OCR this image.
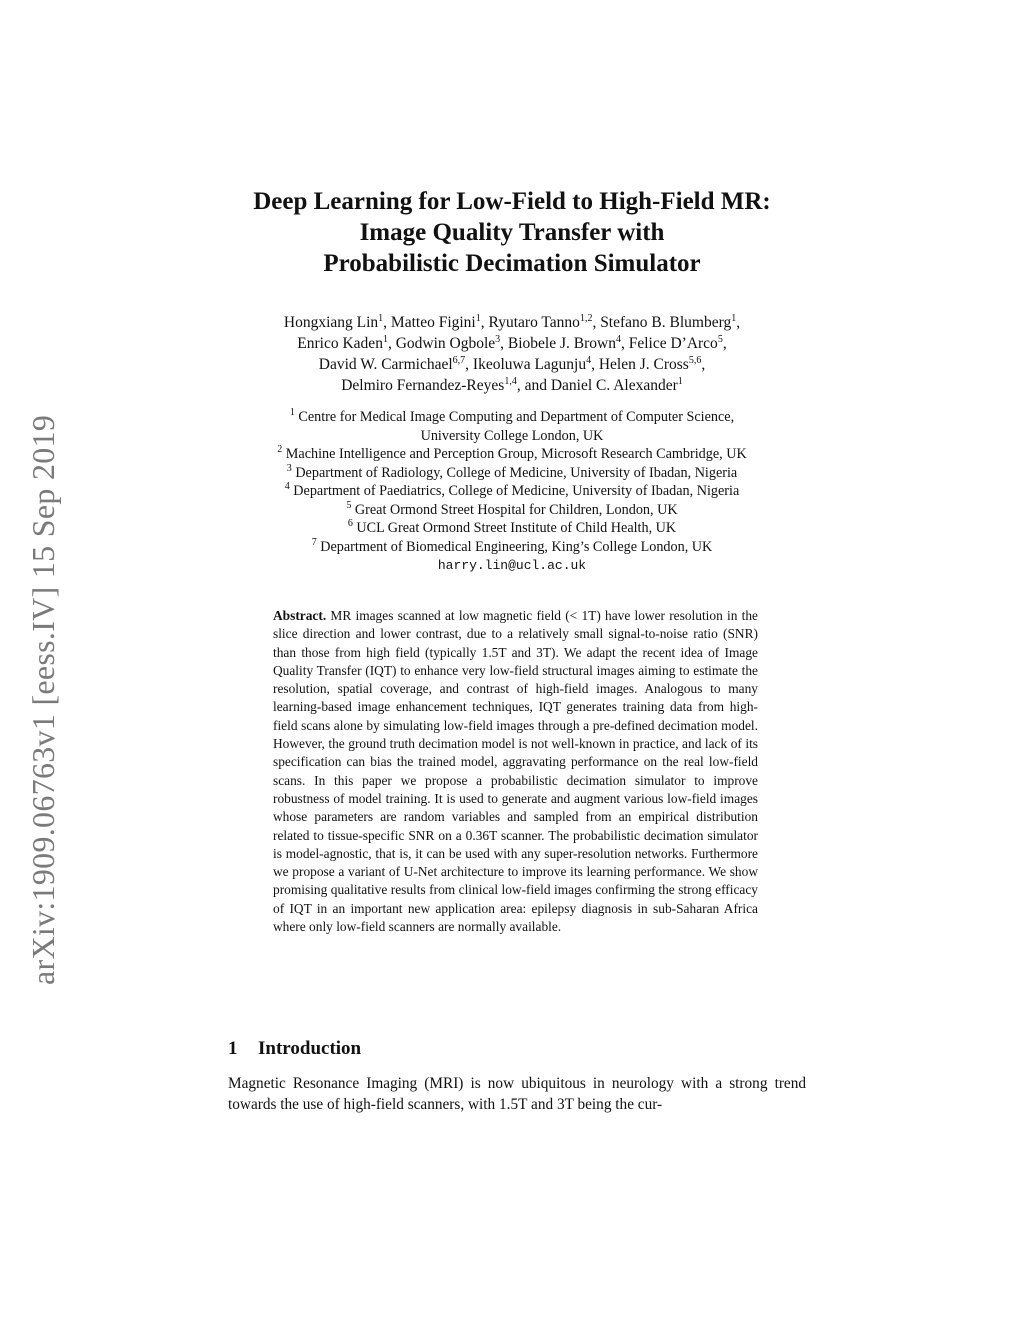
arXiv:1909.06763v1 [eess.IV] 15 Sep 2019
Deep Learning for Low-Field to High-Field MR:
Image Quality Transfer with
Probabilistic Decimation Simulator
Hongxiang Lin$^1$, Matteo Figini$^1$, Ryutaro Tanno$^{1,2}$, Stefano B. Blumberg$^1$,
Enrico Kaden$^1$, Godwin Ogbole$^3$, Biobele J. Brown$^4$, Felice D’Arco$^5$,
David W. Carmichael$^{6,7}$, Ikeoluwa Lagunju$^4$, Helen J. Cross$^{5,6}$,
Delmiro Fernandez-Reyes$^{1,4}$, and Daniel C. Alexander$^1$
$^1$ Centre for Medical Image Computing and Department of Computer Science,
University College London, UK
$^2$ Machine Intelligence and Perception Group, Microsoft Research Cambridge, UK
$^3$ Department of Radiology, College of Medicine, University of Ibadan, Nigeria
$^4$ Department of Paediatrics, College of Medicine, University of Ibadan, Nigeria
$^5$ Great Ormond Street Hospital for Children, London, UK
$^6$ UCL Great Ormond Street Institute of Child Health, UK
$^7$ Department of Biomedical Engineering, King’s College London, UK
harry.lin@ucl.ac.uk

Abstract. MR images scanned at low magnetic field (< 1T) have lower resolution in the slice direction and lower contrast, due to a relatively small signal-to-noise ratio (SNR) than those from high field (typically 1.5T and 3T). We adapt the recent idea of Image Quality Transfer (IQT) to enhance very low-field structural images aiming to estimate the resolution, spatial coverage, and contrast of high-field images. Analogous to many learning-based image enhancement techniques, IQT generates training data from high-field scans alone by simulating low-field images through a pre-defined decimation model. However, the ground truth decimation model is not well-known in practice, and lack of its specification can bias the trained model, aggravating performance on the real low-field scans. In this paper we propose a probabilistic decimation simulator to improve robustness of model training. It is used to generate and augment various low-field images whose parameters are random variables and sampled from an empirical distribution related to tissue-specific SNR on a 0.36T scanner. The probabilistic decimation simulator is model-agnostic, that is, it can be used with any super-resolution networks. Furthermore we propose a variant of U-Net architecture to improve its learning performance. We show promising qualitative results from clinical low-field images confirming the strong efficacy of IQT in an important new application area: epilepsy diagnosis in sub-Saharan Africa where only low-field scanners are normally available.

1 Introduction

Magnetic Resonance Imaging (MRI) is now ubiquitous in neurology with a strong trend towards the use of high-field scanners, with 1.5T and 3T being the cur-
